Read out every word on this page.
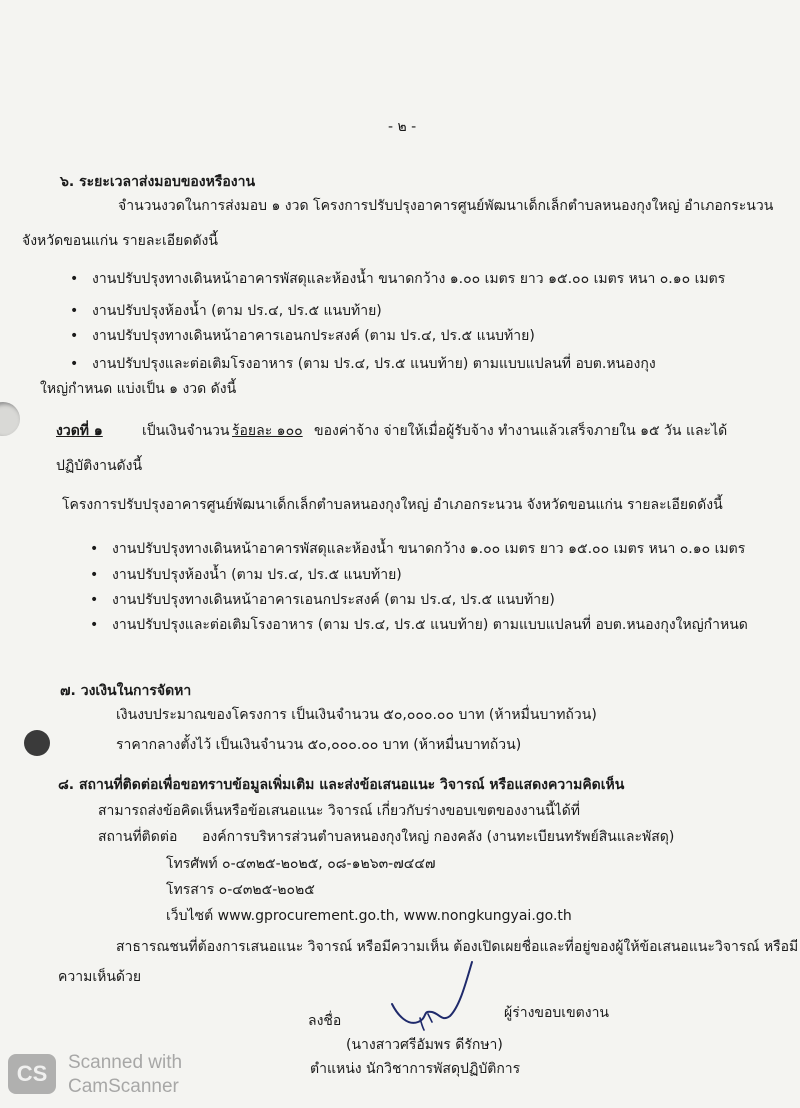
- ๒ -
๖. ระยะเวลาส่งมอบของหรืองาน
จำนวนงวดในการส่งมอบ ๑ งวด โครงการปรับปรุงอาคารศูนย์พัฒนาเด็กเล็กตำบลหนองกุงใหญ่ อำเภอกระนวน
จังหวัดขอนแก่น รายละเอียดดังนี้
• งานปรับปรุงทางเดินหน้าอาคารพัสดุและห้องน้ำ ขนาดกว้าง ๑.๐๐ เมตร ยาว ๑๕.๐๐ เมตร หนา ๐.๑๐ เมตร
• งานปรับปรุงห้องน้ำ (ตาม ปร.๔, ปร.๕ แนบท้าย)
• งานปรับปรุงทางเดินหน้าอาคารเอนกประสงค์ (ตาม ปร.๔, ปร.๕ แนบท้าย)
• งานปรับปรุงและต่อเติมโรงอาหาร (ตาม ปร.๔, ปร.๕ แนบท้าย) ตามแบบแปลนที่ อบต.หนองกุง
ใหญ่กำหนด แบ่งเป็น ๑ งวด ดังนี้
งวดที่ ๑	เป็นเงินจำนวน ร้อยละ ๑๐๐ ของค่าจ้าง จ่ายให้เมื่อผู้รับจ้าง ทำงานแล้วเสร็จภายใน ๑๕ วัน และได้
ปฏิบัติงานดังนี้
โครงการปรับปรุงอาคารศูนย์พัฒนาเด็กเล็กตำบลหนองกุงใหญ่ อำเภอกระนวน จังหวัดขอนแก่น รายละเอียดดังนี้
• งานปรับปรุงทางเดินหน้าอาคารพัสดุและห้องน้ำ ขนาดกว้าง ๑.๐๐ เมตร ยาว ๑๕.๐๐ เมตร หนา ๐.๑๐ เมตร
• งานปรับปรุงห้องน้ำ (ตาม ปร.๔, ปร.๕ แนบท้าย)
• งานปรับปรุงทางเดินหน้าอาคารเอนกประสงค์ (ตาม ปร.๔, ปร.๕ แนบท้าย)
• งานปรับปรุงและต่อเติมโรงอาหาร (ตาม ปร.๔, ปร.๕ แนบท้าย) ตามแบบแปลนที่ อบต.หนองกุงใหญ่กำหนด
๗. วงเงินในการจัดหา
เงินงบประมาณของโครงการ เป็นเงินจำนวน ๕๐,๐๐๐.๐๐ บาท (ห้าหมื่นบาทถ้วน)
ราคากลางตั้งไว้ เป็นเงินจำนวน ๕๐,๐๐๐.๐๐ บาท (ห้าหมื่นบาทถ้วน)
๘. สถานที่ติดต่อเพื่อขอทราบข้อมูลเพิ่มเติม และส่งข้อเสนอแนะ วิจารณ์ หรือแสดงความคิดเห็น
สามารถส่งข้อคิดเห็นหรือข้อเสนอแนะ วิจารณ์ เกี่ยวกับร่างขอบเขตของงานนี้ได้ที่
สถานที่ติดต่อ องค์การบริหารส่วนตำบลหนองกุงใหญ่ กองคลัง (งานทะเบียนทรัพย์สินและพัสดุ)
โทรศัพท์ ๐-๔๓๒๕-๒๐๒๕, ๐๘-๑๒๖๓-๗๔๔๗
โทรสาร ๐-๔๓๒๕-๒๐๒๕
เว็บไซต์ www.gprocurement.go.th, www.nongkungyai.go.th
สาธารณชนที่ต้องการเสนอแนะ วิจารณ์ หรือมีความเห็น ต้องเปิดเผยชื่อและที่อยู่ของผู้ให้ข้อเสนอแนะวิจารณ์ หรือมี
ความเห็นด้วย
ลงชื่อ	ผู้ร่างขอบเขตงาน
(นางสาวศรีอัมพร ดีรักษา)
ตำแหน่ง นักวิชาการพัสดุปฏิบัติการ
CS	Scanned with
CamScanner
